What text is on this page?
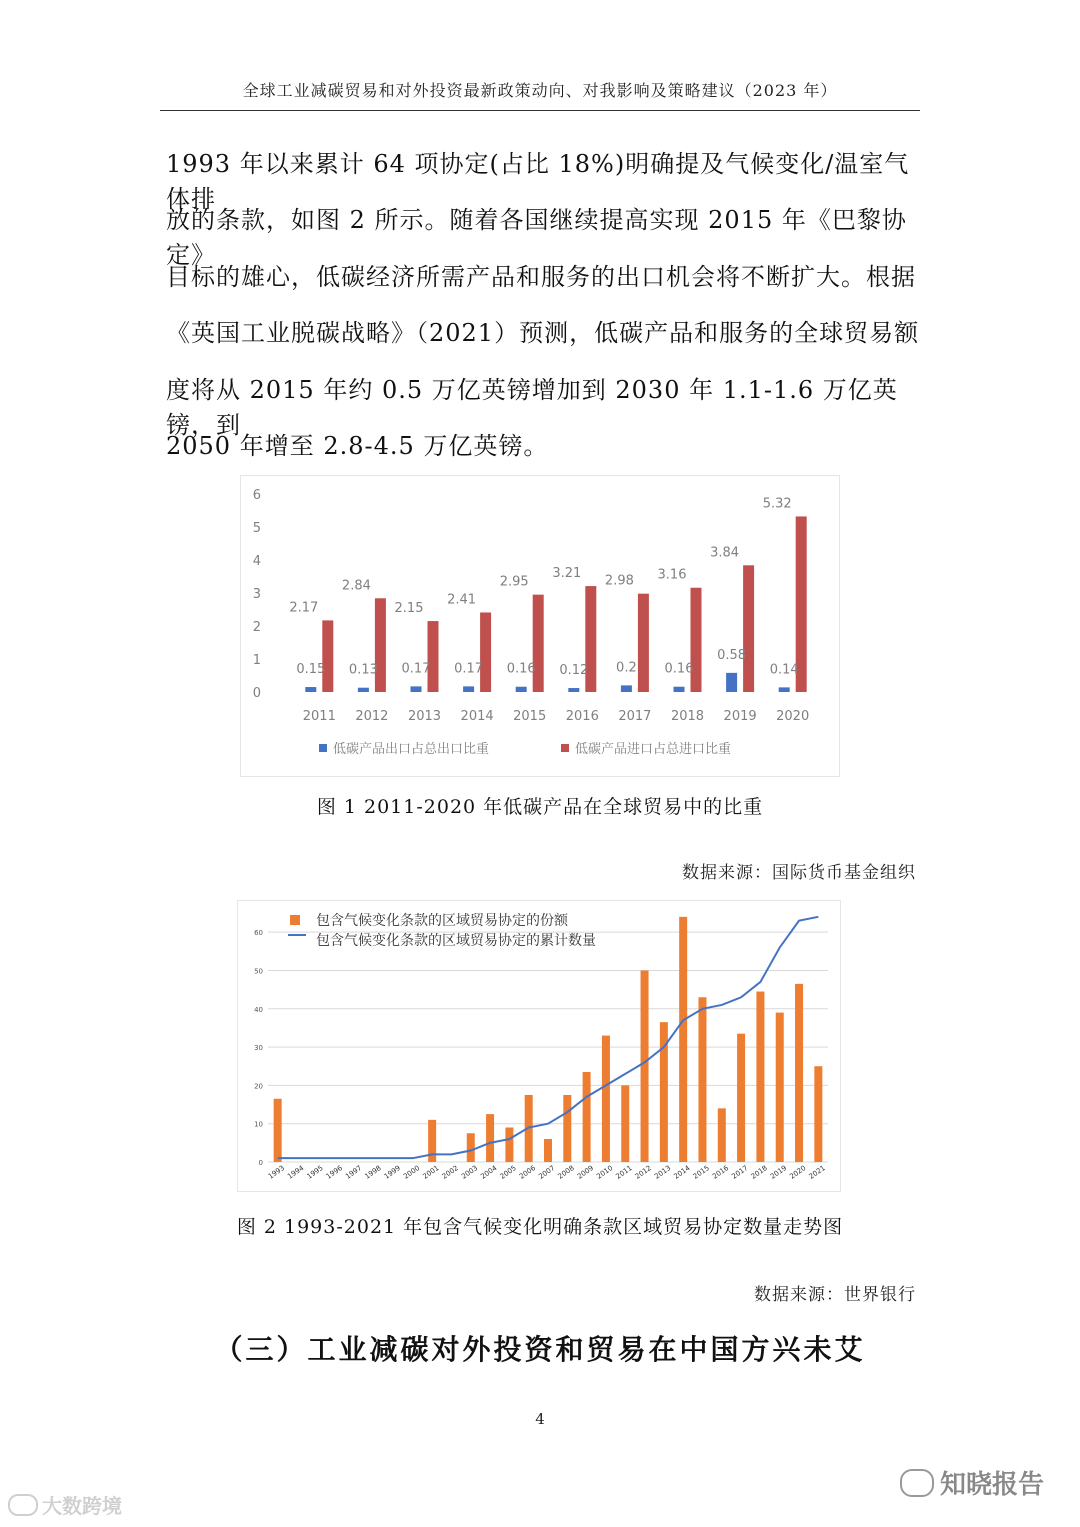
全球工业减碳贸易和对外投资最新政策动向、对我影响及策略建议（2023 年）
1993 年以来累计 64 项协定(占比 18%)明确提及气候变化/温室气体排
放的条款，如图 2 所示。随着各国继续提高实现 2015 年《巴黎协定》
目标的雄心，低碳经济所需产品和服务的出口机会将不断扩大。根据
《英国工业脱碳战略》（2021）预测，低碳产品和服务的全球贸易额
度将从 2015 年约 0.5 万亿英镑增加到 2030 年 1.1-1.6 万亿英镑，到
2050 年增至 2.8-4.5 万亿英镑。
0
1
2
3
4
5
6
0.15
2.17
2011
0.13
2.84
2012
0.17
2.15
2013
0.17
2.41
2014
0.16
2.95
2015
0.12
3.21
2016
0.2
2.98
2017
0.16
3.16
2018
0.58
3.84
2019
0.14
5.32
2020
低碳产品出口占总出口比重	低碳产品进口占总进口比重
图 1 2011-2020 年低碳产品在全球贸易中的比重
数据来源：国际货币基金组织
0
10
20
30
40
50
60
1993 1994 1995 1996 1997 1998 1999 2000 2001 2002 2003 2004 2005 2006 2007 2008 2009 2010 2011 2012 2013 2014 2015 2016 2017 2018 2019 2020 2021
包含气候变化条款的区域贸易协定的份额
包含气候变化条款的区域贸易协定的累计数量
图 2 1993-2021 年包含气候变化明确条款区域贸易协定数量走势图
数据来源：世界银行
（三）工业减碳对外投资和贸易在中国方兴未艾
4
大数跨境
知晓报告
